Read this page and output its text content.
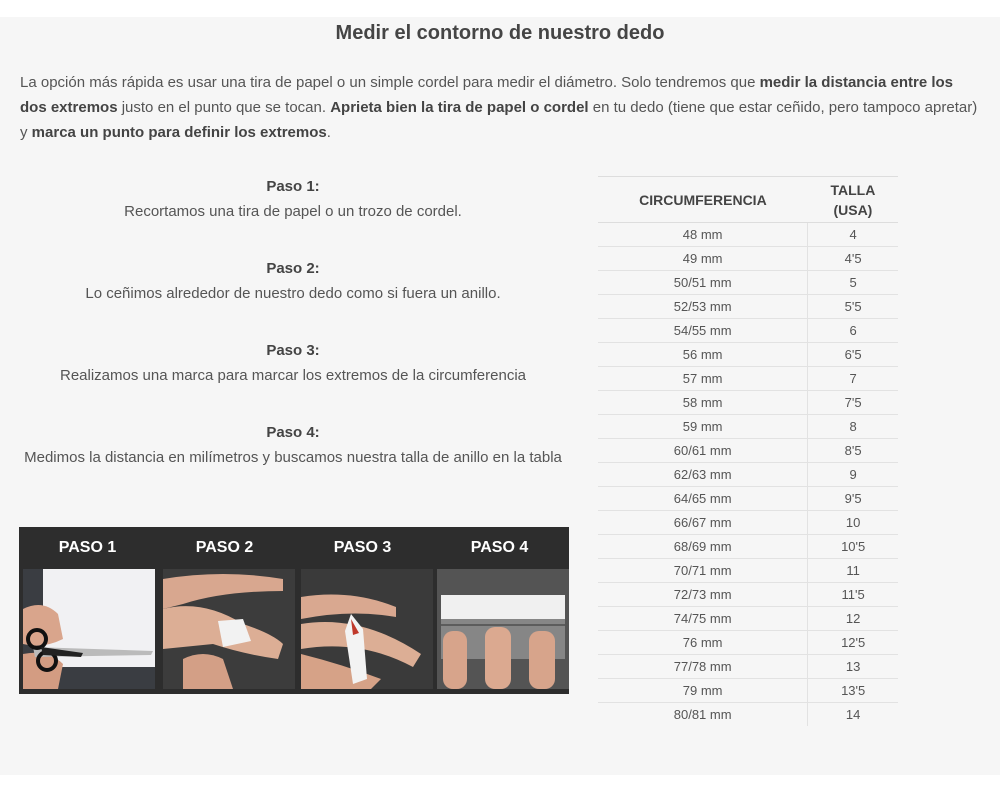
Medir el contorno de nuestro dedo

La opción más rápida es usar una tira de papel o un simple cordel para medir el diámetro. Solo tendremos que medir la distancia entre los dos extremos justo en el punto que se tocan. Aprieta bien la tira de papel o cordel en tu dedo (tiene que estar ceñido, pero tampoco apretar) y marca un punto para definir los extremos.

Paso 1:
Recortamos una tira de papel o un trozo de cordel.
Paso 2:
Lo ceñimos alrededor de nuestro dedo como si fuera un anillo.
Paso 3:
Realizamos una marca para marcar los extremos de la circumferencia
Paso 4:
Medimos la distancia en milímetros y buscamos nuestra talla de anillo en la tabla
PASO 1	PASO 2	PASO 3	PASO 4
CIRCUMFERENCIA	TALLA (USA)

48 mm	4
49 mm	4'5
50/51 mm	5
52/53 mm	5'5
54/55 mm	6
56 mm	6'5
57 mm	7
58 mm	7'5
59 mm	8
60/61 mm	8'5
62/63 mm	9
64/65 mm	9'5
66/67 mm	10
68/69 mm	10'5
70/71 mm	11
72/73 mm	11'5
74/75 mm	12
76 mm	12'5
77/78 mm	13
79 mm	13'5
80/81 mm	14
